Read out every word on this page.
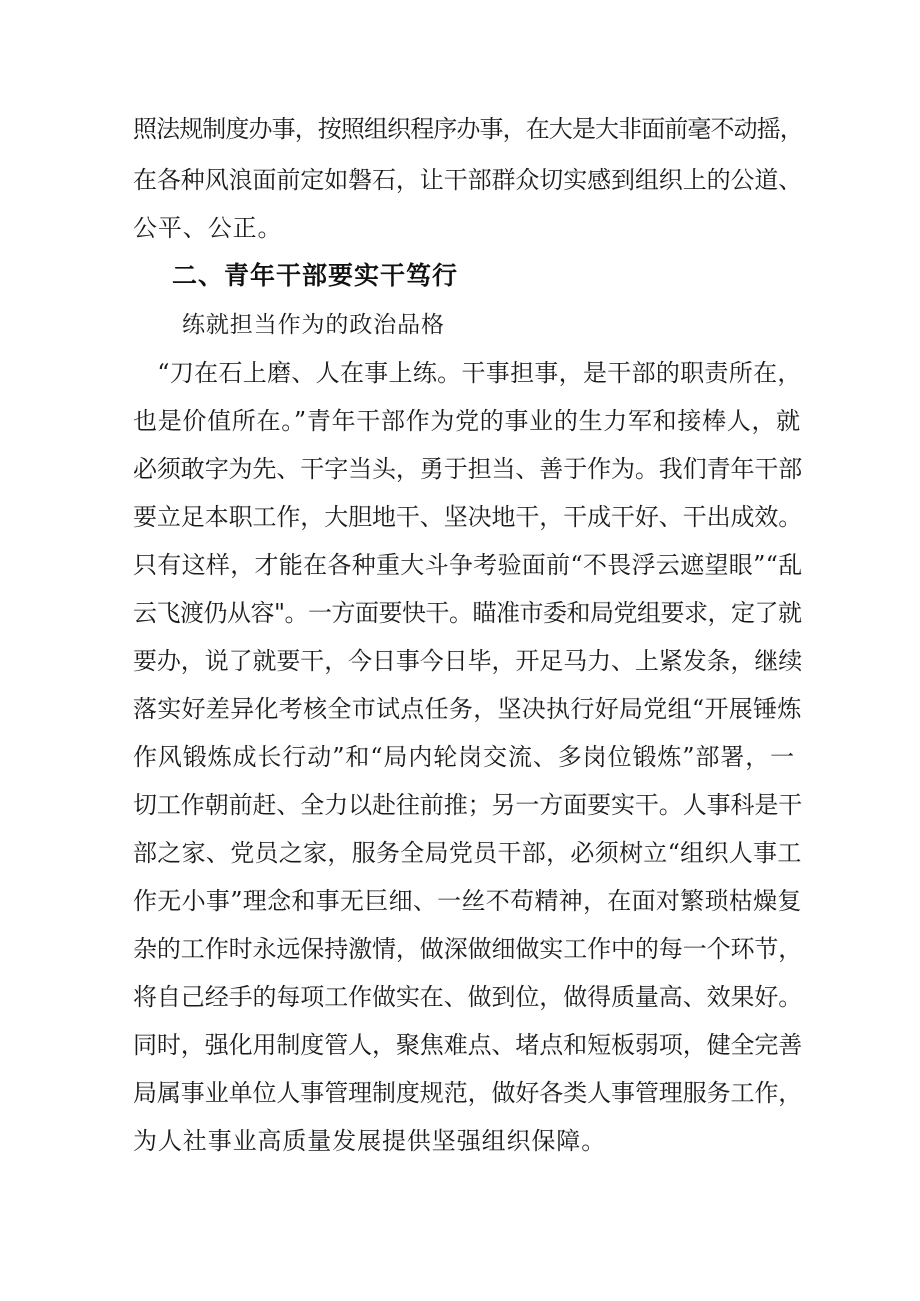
照法规制度办事，按照组织程序办事，在大是大非面前毫不动摇，
在各种风浪面前定如磐石，让干部群众切实感到组织上的公道、
公平、公正。
二、青年干部要实干笃行
练就担当作为的政治品格
　“刀在石上磨、人在事上练。干事担事，是干部的职责所在，
也是价值所在。”青年干部作为党的事业的生力军和接棒人，就
必须敢字为先、干字当头，勇于担当、善于作为。我们青年干部
要立足本职工作，大胆地干、坚决地干，干成干好、干出成效。
只有这样，才能在各种重大斗争考验面前“不畏浮云遮望眼”“乱
云飞渡仍从容"。一方面要快干。瞄准市委和局党组要求，定了就
要办，说了就要干，今日事今日毕，开足马力、上紧发条，继续
落实好差异化考核全市试点任务，坚决执行好局党组“开展锤炼
作风锻炼成长行动”和“局内轮岗交流、多岗位锻炼”部署，一
切工作朝前赶、全力以赴往前推；另一方面要实干。人事科是干
部之家、党员之家，服务全局党员干部，必须树立“组织人事工
作无小事”理念和事无巨细、一丝不苟精神，在面对繁琐枯燥复
杂的工作时永远保持激情，做深做细做实工作中的每一个环节，
将自己经手的每项工作做实在、做到位，做得质量高、效果好。
同时，强化用制度管人，聚焦难点、堵点和短板弱项，健全完善
局属事业单位人事管理制度规范，做好各类人事管理服务工作，
为人社事业高质量发展提供坚强组织保障。
